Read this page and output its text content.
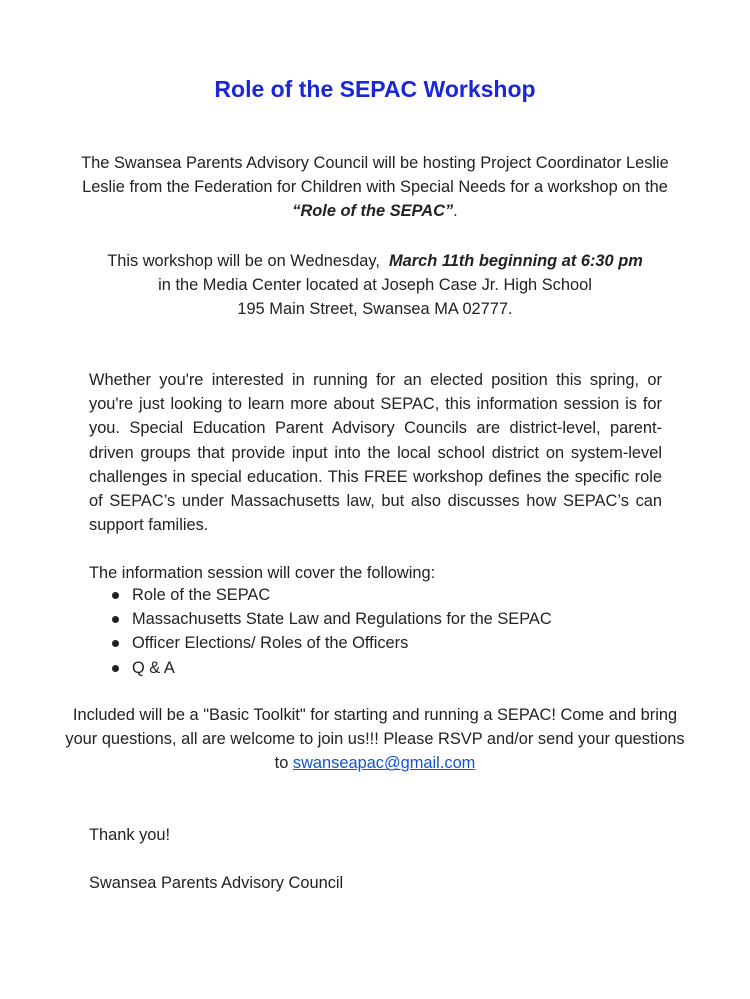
Role of the SEPAC Workshop
The Swansea Parents Advisory Council will be hosting Project Coordinator Leslie Leslie from the Federation for Children with Special Needs for a workshop on the “Role of the SEPAC”.
This workshop will be on Wednesday,  March 11th beginning at 6:30 pm
in the Media Center located at Joseph Case Jr. High School
195 Main Street, Swansea MA 02777.
Whether you're interested in running for an elected position this spring, or you're just looking to learn more about SEPAC, this information session is for you. Special Education Parent Advisory Councils are district-level, parent-driven groups that provide input into the local school district on system-level challenges in special education. This FREE workshop defines the specific role of SEPAC’s under Massachusetts law, but also discusses how SEPAC’s can support families.
The information session will cover the following:
Role of the SEPAC
Massachusetts State Law and Regulations for the SEPAC
Officer Elections/ Roles of the Officers
Q & A
Included will be a "Basic Toolkit" for starting and running a SEPAC! Come and bring your questions, all are welcome to join us!!! Please RSVP and/or send your questions to swanseapac@gmail.com
Thank you!
Swansea Parents Advisory Council
